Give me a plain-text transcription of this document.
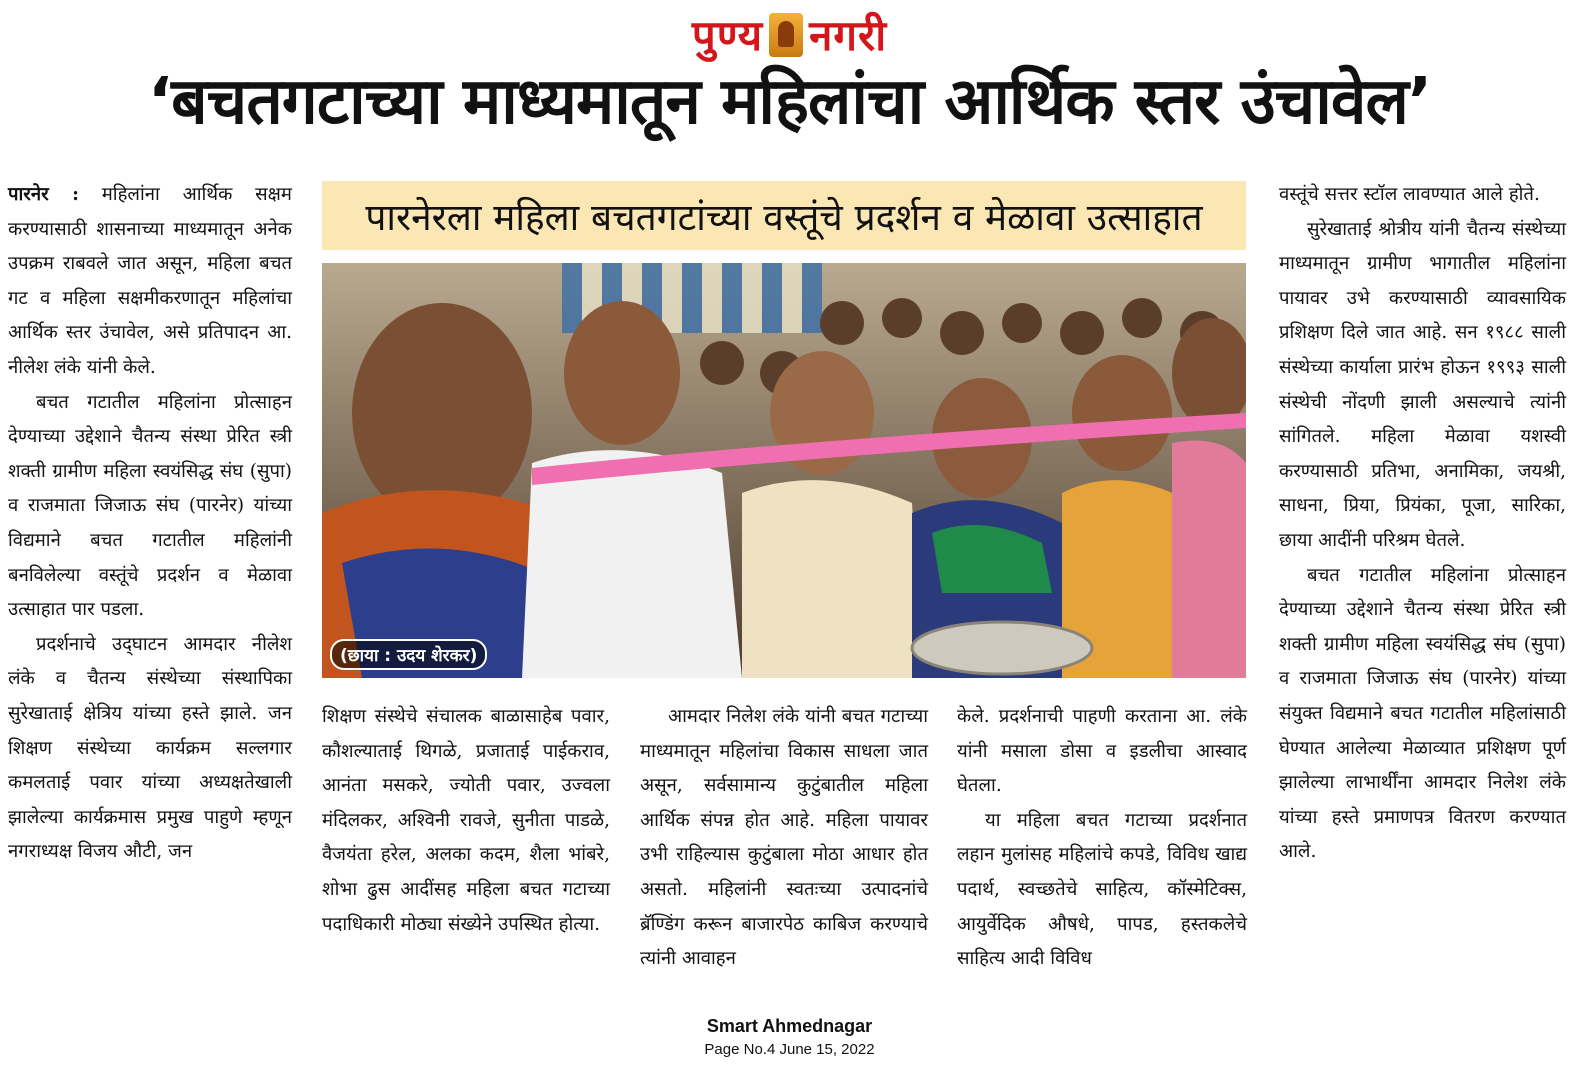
पुण्य नगरी
‘बचतगटाच्या माध्यमातून महिलांचा आर्थिक स्तर उंचावेल’

पारनेर : महिलांना आर्थिक सक्षम करण्यासाठी शासनाच्या माध्यमातून अनेक उपक्रम राबवले जात असून, महिला बचत गट व महिला सक्षमीकरणातून महिलांचा आर्थिक स्तर उंचावेल, असे प्रतिपादन आ. नीलेश लंके यांनी केले.

बचत गटातील महिलांना प्रोत्साहन देण्याच्या उद्देशाने चैतन्य संस्था प्रेरित स्त्री शक्ती ग्रामीण महिला स्वयंसिद्ध संघ (सुपा) व राजमाता जिजाऊ संघ (पारनेर) यांच्या विद्यमाने बचत गटातील महिलांनी बनविलेल्या वस्तूंचे प्रदर्शन व मेळावा उत्साहात पार पडला.

प्रदर्शनाचे उद्‌घाटन आमदार नीलेश लंके व चैतन्य संस्थेच्या संस्थापिका सुरेखाताई क्षेत्रिय यांच्या हस्ते झाले. जन शिक्षण संस्थेच्या कार्यक्रम सल्लगार कमलताई पवार यांच्या अध्यक्षतेखाली झालेल्या कार्यक्रमास प्रमुख पाहुणे म्हणून नगराध्यक्ष विजय औटी, जन

पारनेरला महिला बचतगटांच्या वस्तूंचे प्रदर्शन व मेळावा उत्साहात
(छाया : उदय शेरकर)

शिक्षण संस्थेचे संचालक बाळासाहेब पवार, कौशल्याताई थिगळे, प्रजाताई पाईकराव, आनंता मसकरे, ज्योती पवार, उज्वला मंदिलकर, अश्विनी रावजे, सुनीता पाडळे, वैजयंता हरेल, अलका कदम, शैला भांबरे, शोभा ढुस आदींसह महिला बचत गटाच्या पदाधिकारी मोठ्या संख्येने उपस्थित होत्या.

आमदार निलेश लंके यांनी बचत गटाच्या माध्यमातून महिलांचा विकास साधला जात असून, सर्वसामान्य कुटुंबातील महिला आर्थिक संपन्न होत आहे. महिला पायावर उभी राहिल्यास कुटुंबाला मोठा आधार होत असतो. महिलांनी स्वतःच्या उत्पादनांचे ब्रॅण्डिंग करून बाजारपेठ काबिज करण्याचे त्यांनी आवाहन

केले. प्रदर्शनाची पाहणी करताना आ. लंके यांनी मसाला डोसा व इडलीचा आस्वाद घेतला.

या महिला बचत गटाच्या प्रदर्शनात लहान मुलांसह महिलांचे कपडे, विविध खाद्य पदार्थ, स्वच्छतेचे साहित्य, कॉस्मेटिक्स, आयुर्वेदिक औषधे, पापड, हस्तकलेचे साहित्य आदी विविध

वस्तूंचे सत्तर स्टॉल लावण्यात आले होते.

सुरेखाताई श्रोत्रीय यांनी चैतन्य संस्थेच्या माध्यमातून ग्रामीण भागातील महिलांना पायावर उभे करण्यासाठी व्यावसायिक प्रशिक्षण दिले जात आहे. सन १९८८ साली संस्थेच्या कार्याला प्रारंभ होऊन १९९३ साली संस्थेची नोंदणी झाली असल्याचे त्यांनी सांगितले. महिला मेळावा यशस्वी करण्यासाठी प्रतिभा, अनामिका, जयश्री, साधना, प्रिया, प्रियंका, पूजा, सारिका, छाया आदींनी परिश्रम घेतले.

बचत गटातील महिलांना प्रोत्साहन देण्याच्या उद्देशाने चैतन्य संस्था प्रेरित स्त्री शक्ती ग्रामीण महिला स्वयंसिद्ध संघ (सुपा) व राजमाता जिजाऊ संघ (पारनेर) यांच्या संयुक्त विद्यमाने बचत गटातील महिलांसाठी घेण्यात आलेल्या मेळाव्यात प्रशिक्षण पूर्ण झालेल्या लाभार्थींना आमदार निलेश लंके यांच्या हस्ते प्रमाणपत्र वितरण करण्यात आले.

Smart Ahmednagar
Page No.4 June 15, 2022
